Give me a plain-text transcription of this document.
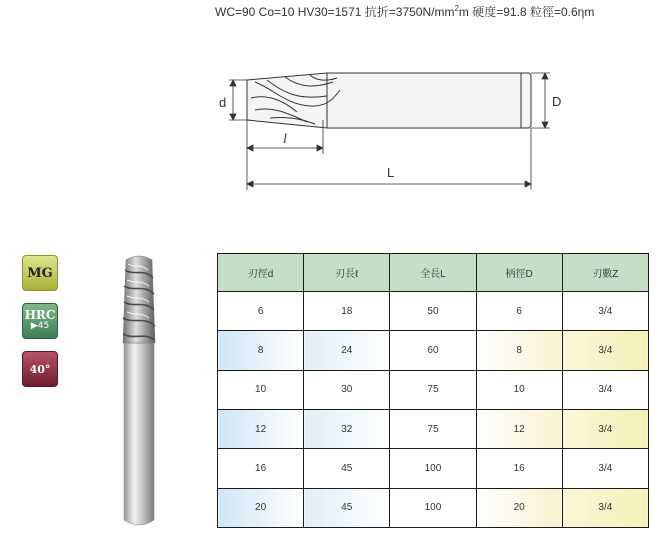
WC=90 Co=10 HV30=1571 抗折$=3750N/mm^2m$ 硬度=91.8 粒徑=0.6ηm
D
d
l
L
MG
HRC
▶45
40°
刃徑d	刃長ℓ	全長L	柄徑D	刃數Z
6	18	50	6	3/4
8	24	60	8	3/4
10	30	75	10	3/4
12	32	75	12	3/4
16	45	100	16	3/4
20	45	100	20	3/4
